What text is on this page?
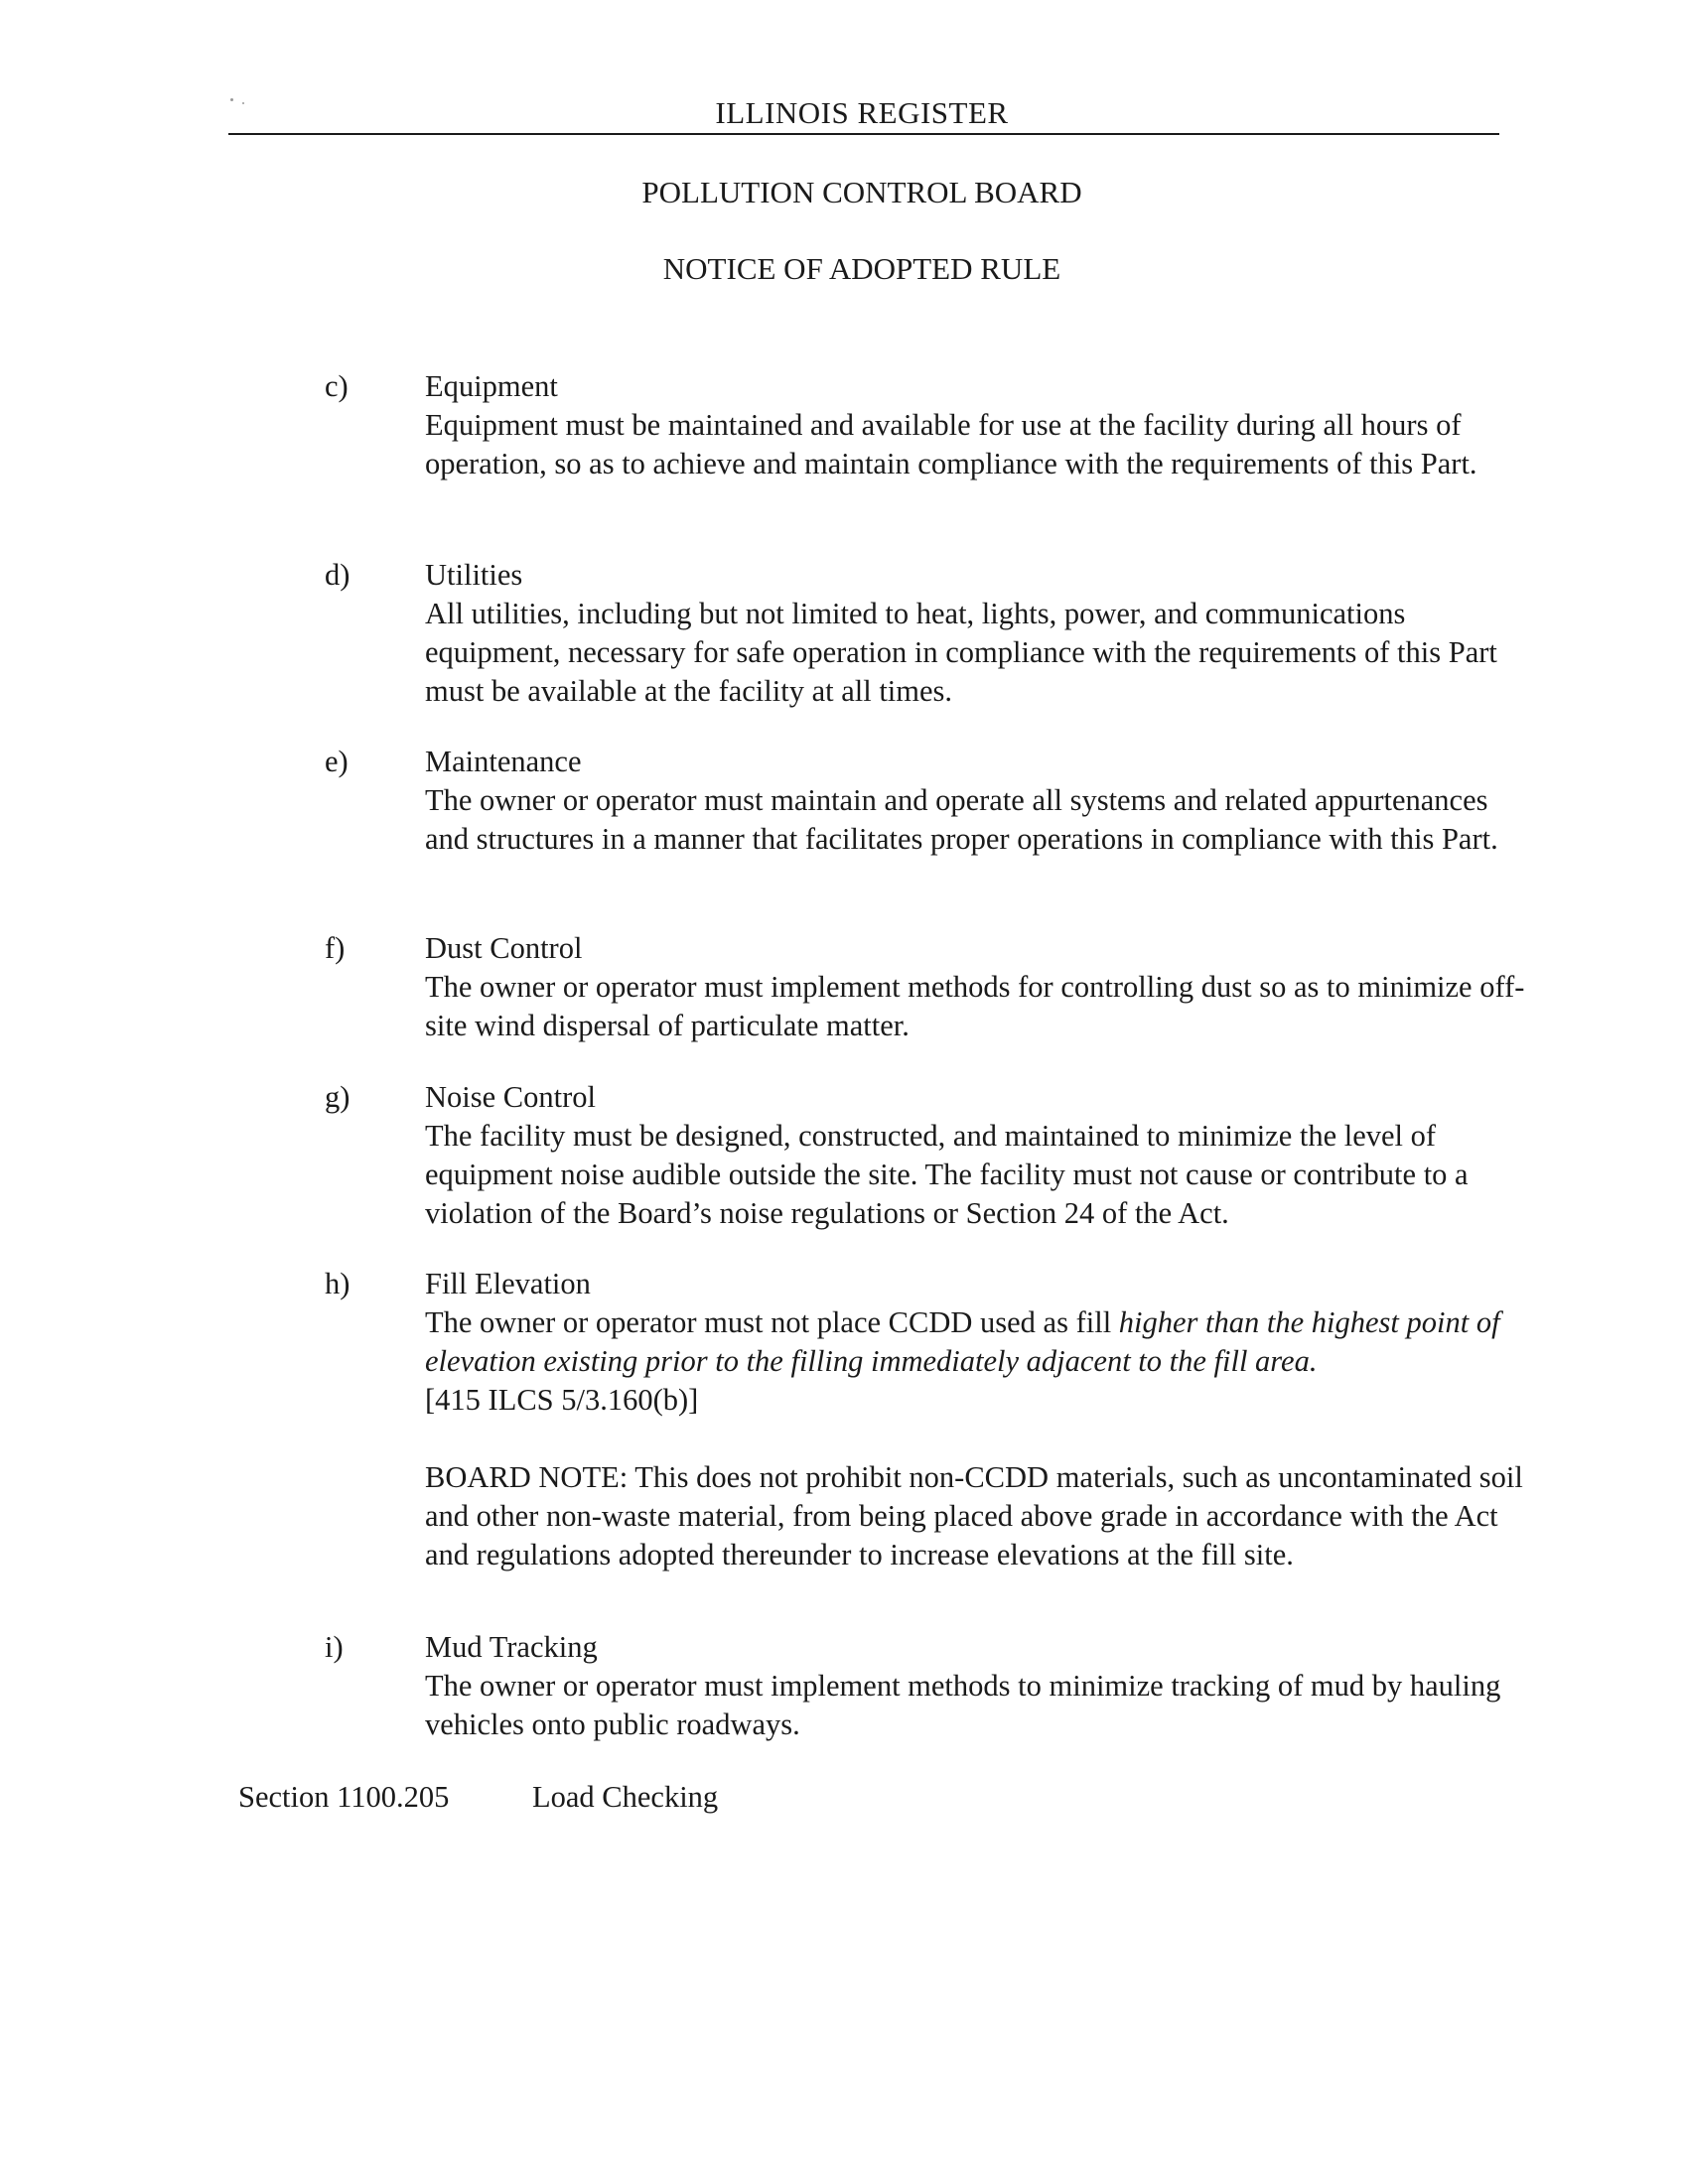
ILLINOIS REGISTER
POLLUTION CONTROL BOARD
NOTICE OF ADOPTED RULE
c)	Equipment
Equipment must be maintained and available for use at the facility during all hours of operation, so as to achieve and maintain compliance with the requirements of this Part.
d) Utilities
All utilities, including but not limited to heat, lights, power, and communications equipment, necessary for safe operation in compliance with the requirements of this Part must be available at the facility at all times.
e)	Maintenance
The owner or operator must maintain and operate all systems and related appurtenances and structures in a manner that facilitates proper operations in compliance with this Part.
f)	Dust Control
The owner or operator must implement methods for controlling dust so as to minimize off-site wind dispersal of particulate matter.
g) Noise Control
The facility must be designed, constructed, and maintained to minimize the level of equipment noise audible outside the site. The facility must not cause or contribute to a violation of the Board’s noise regulations or Section 24 of the Act.
h) Fill Elevation
The owner or operator must not place CCDD used as fill higher than the highest point of elevation existing prior to the filling immediately adjacent to the fill area.
[415 ILCS 5/3.160(b)]
BOARD NOTE: This does not prohibit non-CCDD materials, such as uncontaminated soil and other non-waste material, from being placed above grade in accordance with the Act and regulations adopted thereunder to increase elevations at the fill site.
i)	Mud Tracking
The owner or operator must implement methods to minimize tracking of mud by hauling vehicles onto public roadways.
Section 1100.205	Load Checking
